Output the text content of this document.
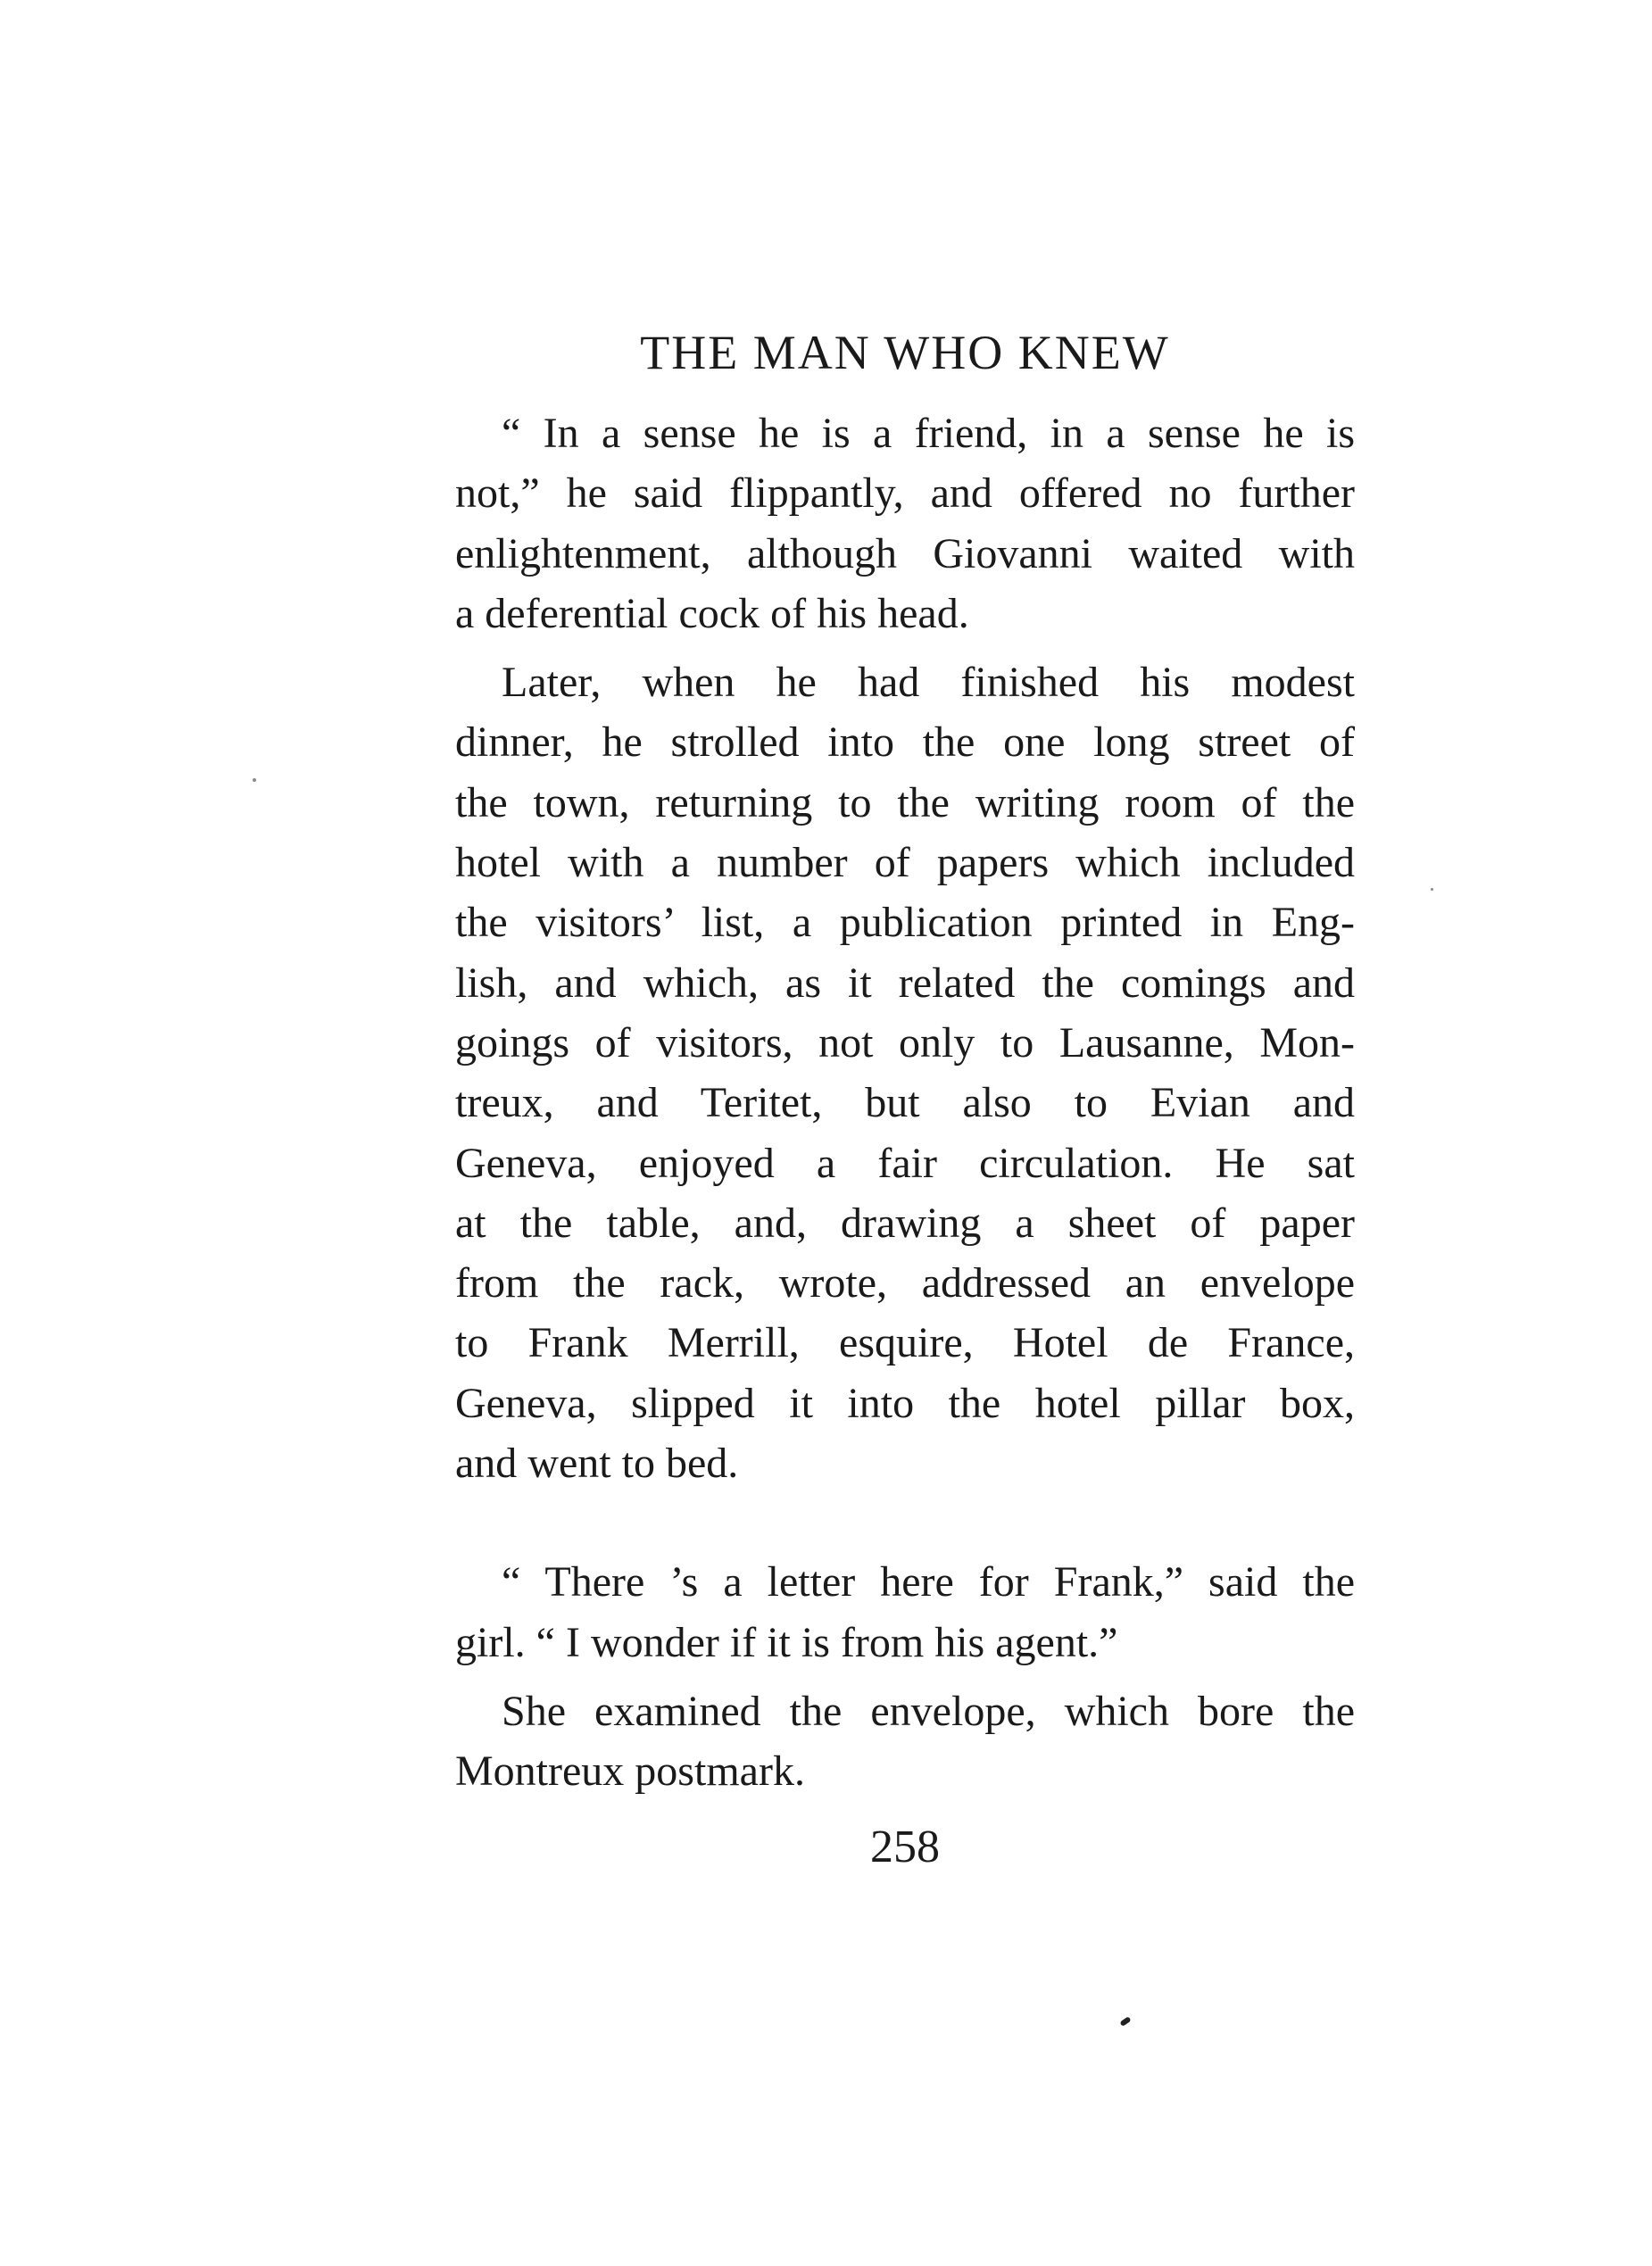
THE MAN WHO KNEW
“ In a sense he is a friend, in a sense he is
not,” he said flippantly, and offered no further
enlightenment, although Giovanni waited with
a deferential cock of his head.
Later, when he had finished his modest
dinner, he strolled into the one long street of
the town, returning to the writing room of the
hotel with a number of papers which included
the visitors’ list, a publication printed in Eng-
lish, and which, as it related the comings and
goings of visitors, not only to Lausanne, Mon-
treux, and Teritet, but also to Evian and
Geneva, enjoyed a fair circulation. He sat
at the table, and, drawing a sheet of paper
from the rack, wrote, addressed an envelope
to Frank Merrill, esquire, Hotel de France,
Geneva, slipped it into the hotel pillar box,
and went to bed.
“ There ’s a letter here for Frank,” said the
girl. “ I wonder if it is from his agent.”
She examined the envelope, which bore the
Montreux postmark.
258
